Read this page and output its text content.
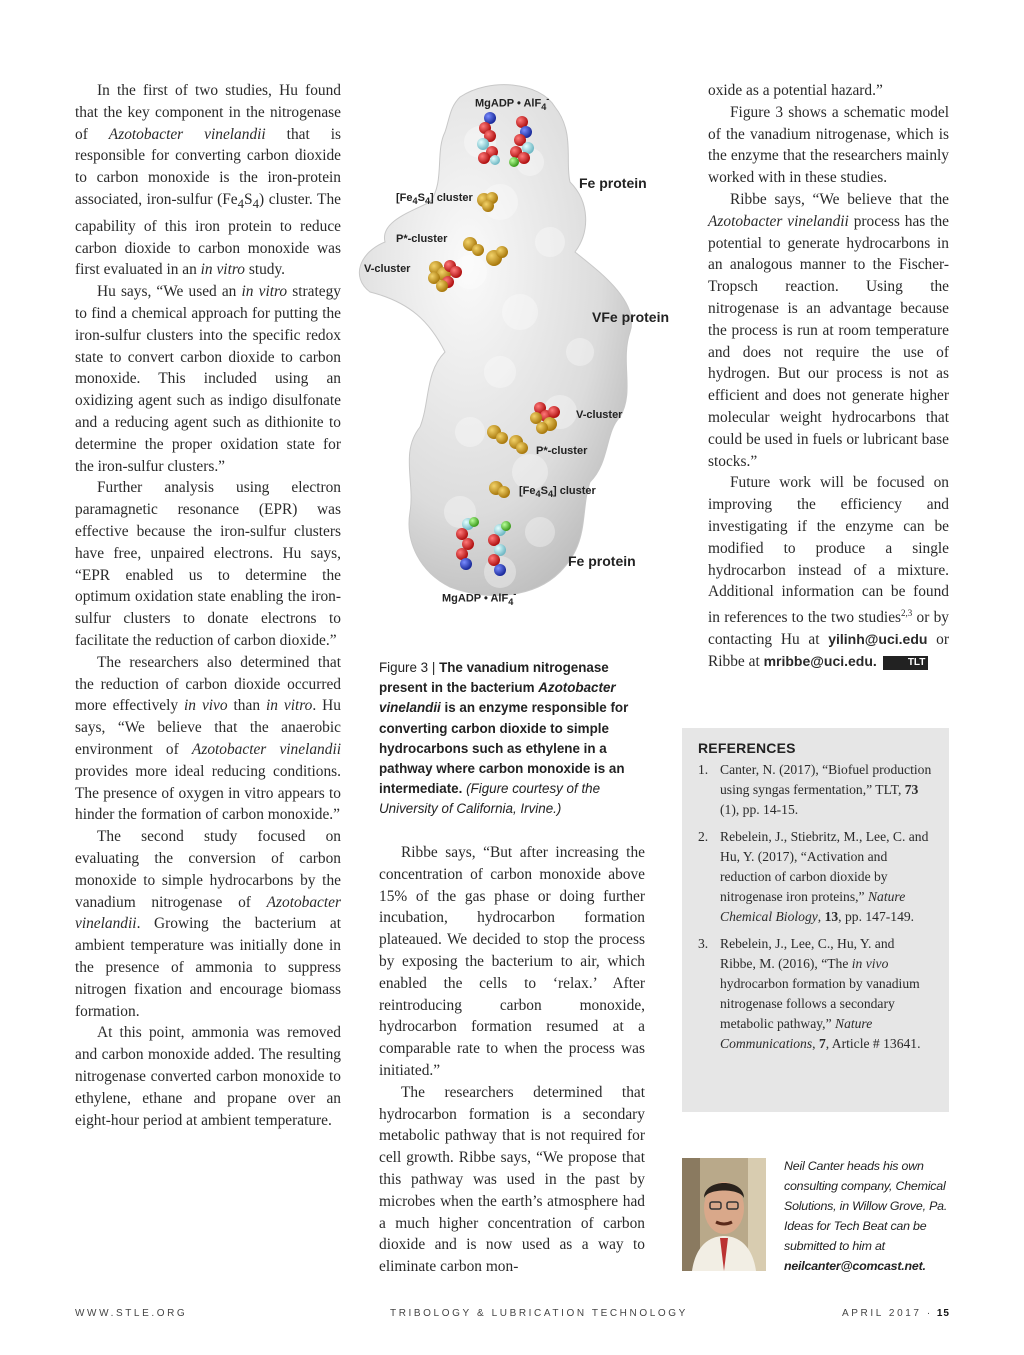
In the first of two studies, Hu found that the key component in the nitrogenase of Azotobacter vinelandii that is responsible for converting carbon dioxide to carbon monoxide is the iron-protein associated, iron-sulfur $(Fe_4S_4)$ cluster. The capability of this iron protein to reduce carbon dioxide to carbon monoxide was first evaluated in an in vitro study.

Hu says, “We used an in vitro strategy to find a chemical approach for putting the iron-sulfur clusters into the specific redox state to convert carbon dioxide to carbon monoxide. This included using an oxidizing agent such as indigo disulfonate and a reducing agent such as dithionite to determine the proper oxidation state for the iron-sulfur clusters.”

Further analysis using electron paramagnetic resonance (EPR) was effective because the iron-sulfur clusters have free, unpaired electrons. Hu says, “EPR enabled us to determine the optimum oxidation state enabling the iron-sulfur clusters to donate electrons to facilitate the reduction of carbon dioxide.”

The researchers also determined that the reduction of carbon dioxide occurred more effectively in vivo than in vitro. Hu says, “We believe that the anaerobic environment of Azotobacter vinelandii provides more ideal reducing conditions. The presence of oxygen in vitro appears to hinder the formation of carbon monoxide.”

The second study focused on evaluating the conversion of carbon monoxide to simple hydrocarbons by the vanadium nitrogenase of Azotobacter vinelandii. Growing the bacterium at ambient temperature was initially done in the presence of ammonia to suppress nitrogen fixation and encourage biomass formation.

At this point, ammonia was removed and carbon monoxide added. The resulting nitrogenase converted carbon monoxide to ethylene, ethane and propane over an eight-hour period at ambient temperature.

MgADP • AlF$_4$-
Fe protein
$[Fe_4S_4]$ cluster
P*-cluster
V-cluster
VFe protein
V-cluster
P*-cluster
$[Fe_4S_4]$ cluster
Fe protein
MgADP • AlF$_4$-
Figure 3 | The vanadium nitrogenase present in the bacterium Azotobacter vinelandii is an enzyme responsible for converting carbon dioxide to simple hydrocarbons such as ethylene in a pathway where carbon monoxide is an intermediate. (Figure courtesy of the University of California, Irvine.)

Ribbe says, “But after increasing the concentration of carbon monoxide above 15% of the gas phase or doing further incubation, hydrocarbon formation plateaued. We decided to stop the process by exposing the bacterium to air, which enabled the cells to ‘relax.’ After reintroducing carbon monoxide, hydrocarbon formation resumed at a comparable rate to when the process was initiated.”

The researchers determined that hydrocarbon formation is a secondary metabolic pathway that is not required for cell growth. Ribbe says, “We propose that this pathway was used in the past by microbes when the earth’s atmosphere had a much higher concentration of carbon dioxide and is now used as a way to eliminate carbon mon-

oxide as a potential hazard.”

Figure 3 shows a schematic model of the vanadium nitrogenase, which is the enzyme that the researchers mainly worked with in these studies.

Ribbe says, “We believe that the Azotobacter vinelandii process has the potential to generate hydrocarbons in an analogous manner to the Fischer-Tropsch reaction. Using the nitrogenase is an advantage because the process is run at room temperature and does not require the use of hydrogen. But our process is not as efficient and does not generate higher molecular weight hydrocarbons that could be used in fuels or lubricant base stocks.”

Future work will be focused on improving the efficiency and investigating if the enzyme can be modified to produce a single hydrocarbon instead of a mixture. Additional information can be found in references to the two studies$^{2,3}$ or by contacting Hu at yilinh@uci.edu or Ribbe at mribbe@uci.edu.	TLT

REFERENCES
1. Canter, N. (2017), “Biofuel production using syngas fermentation,” TLT, 73 (1), pp. 14-15.
2. Rebelein, J., Stiebritz, M., Lee, C. and Hu, Y. (2017), “Activation and reduction of carbon dioxide by nitrogenase iron proteins,” Nature Chemical Biology, 13, pp. 147-149.
3. Rebelein, J., Lee, C., Hu, Y. and Ribbe, M. (2016), “The in vivo hydrocarbon formation by vanadium nitrogenase follows a secondary metabolic pathway,” Nature Communications, 7, Article # 13641.
Neil Canter heads his own consulting company, Chemical Solutions, in Willow Grove, Pa. Ideas for Tech Beat can be submitted to him at neilcanter@comcast.net.
WWW.STLE.ORG	TRIBOLOGY & LUBRICATION TECHNOLOGY	APRIL 2017 · 15
